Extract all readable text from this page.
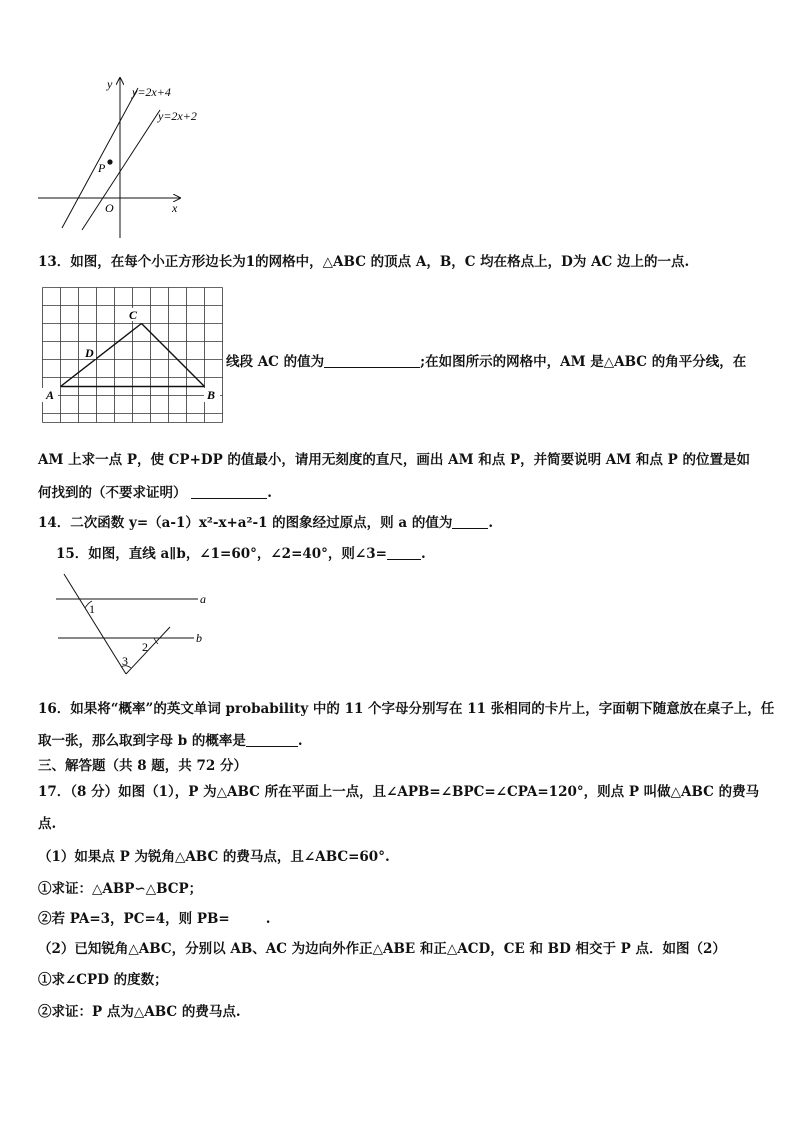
y
x
O
P
y=2x+4
y=2x+2
13．如图，在每个小正方形边长为1的网格中，△ABC 的顶点 A，B，C 均在格点上，D为 AC 边上的一点.
A	B
C
D
线段 AC 的值为	;在如图所示的网格中，AM 是△ABC 的角平分线，在
AM 上求一点 P，使 CP+DP 的值最小，请用无刻度的直尺，画出 AM 和点 P，并简要说明 AM 和点 P 的位置是如
何找到的（不要求证明）	.
14．二次函数 y=（a-1）x²-x+a²-1 的图象经过原点，则 a 的值为	.
15．如图，直线 a∥b，∠1=60°，∠2=40°，则∠3=	.
a
b
1
2
3
16．如果将“概率”的英文单词 probability 中的 11 个字母分别写在 11 张相同的卡片上，字面朝下随意放在桌子上，任
取一张，那么取到字母 b 的概率是	.
三、解答题（共 8 题，共 72 分）
17．（8 分）如图（1），P 为△ABC 所在平面上一点，且∠APB=∠BPC=∠CPA=120°，则点 P 叫做△ABC 的费马
点.
（1）如果点 P 为锐角△ABC 的费马点，且∠ABC=60°.
①求证：△ABP∽△BCP；
②若 PA=3，PC=4，则 PB=	.
（2）已知锐角△ABC，分别以 AB、AC 为边向外作正△ABE 和正△ACD，CE 和 BD 相交于 P 点．如图（2）
①求∠CPD 的度数；
②求证：P 点为△ABC 的费马点.
